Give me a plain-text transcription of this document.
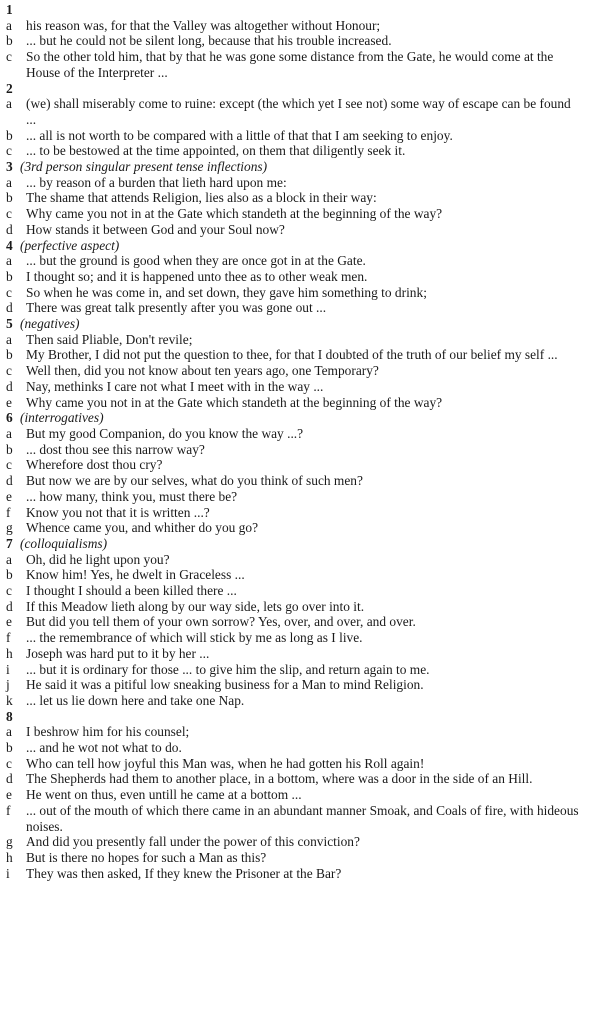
1
a	his reason was, for that the Valley was altogether without Honour;
b ... but he could not be silent long, because that his trouble increased.
c	So the other told him, that by that he was gone some distance from the Gate, he would come at the House of the Interpreter ...
2
a	(we) shall miserably come to ruine: except (the which yet I see not) some way of escape can be found ...
b ... all is not worth to be compared with a little of that that I am seeking to enjoy.
c	... to be bestowed at the time appointed, on them that diligently seek it.
3 (3rd person singular present tense inflections)
a	... by reason of a burden that lieth hard upon me:
b The shame that attends Religion, lies also as a block in their way:
c	Why came you not in at the Gate which standeth at the beginning of the way?
d How stands it between God and your Soul now?
4 (perfective aspect)
a	... but the ground is good when they are once got in at the Gate.
b I thought so; and it is happened unto thee as to other weak men.
c	So when he was come in, and set down, they gave him something to drink;
d There was great talk presently after you was gone out ...
5 (negatives)
a	Then said Pliable, Don't revile;
b My Brother, I did not put the question to thee, for that I doubted of the truth of our belief my self ...
c	Well then, did you not know about ten years ago, one Temporary?
d Nay, methinks I care not what I meet with in the way ...
e	Why came you not in at the Gate which standeth at the beginning of the way?
6 (interrogatives)
a	But my good Companion, do you know the way ...?
b ... dost thou see this narrow way?
c	Wherefore dost thou cry?
d But now we are by our selves, what do you think of such men?
e	... how many, think you, must there be?
f	Know you not that it is written ...?
g Whence came you, and whither do you go?
7 (colloquialisms)
a	Oh, did he light upon you?
b Know him! Yes, he dwelt in Graceless ...
c	I thought I should a been killed there ...
d If this Meadow lieth along by our way side, lets go over into it.
e	But did you tell them of your own sorrow? Yes, over, and over, and over.
f	... the remembrance of which will stick by me as long as I live.
h Joseph was hard put to it by her ...
i	... but it is ordinary for those ... to give him the slip, and return again to me.
j	He said it was a pitiful low sneaking business for a Man to mind Religion.
k ... let us lie down here and take one Nap.
8
a	I beshrow him for his counsel;
b ... and he wot not what to do.
c	Who can tell how joyful this Man was, when he had gotten his Roll again!
d The Shepherds had them to another place, in a bottom, where was a door in the side of an Hill.
e	He went on thus, even untill he came at a bottom ...
f	... out of the mouth of which there came in an abundant manner Smoak, and Coals of fire, with hideous noises.
g And did you presently fall under the power of this conviction?
h But is there no hopes for such a Man as this?
i	They was then asked, If they knew the Prisoner at the Bar?
